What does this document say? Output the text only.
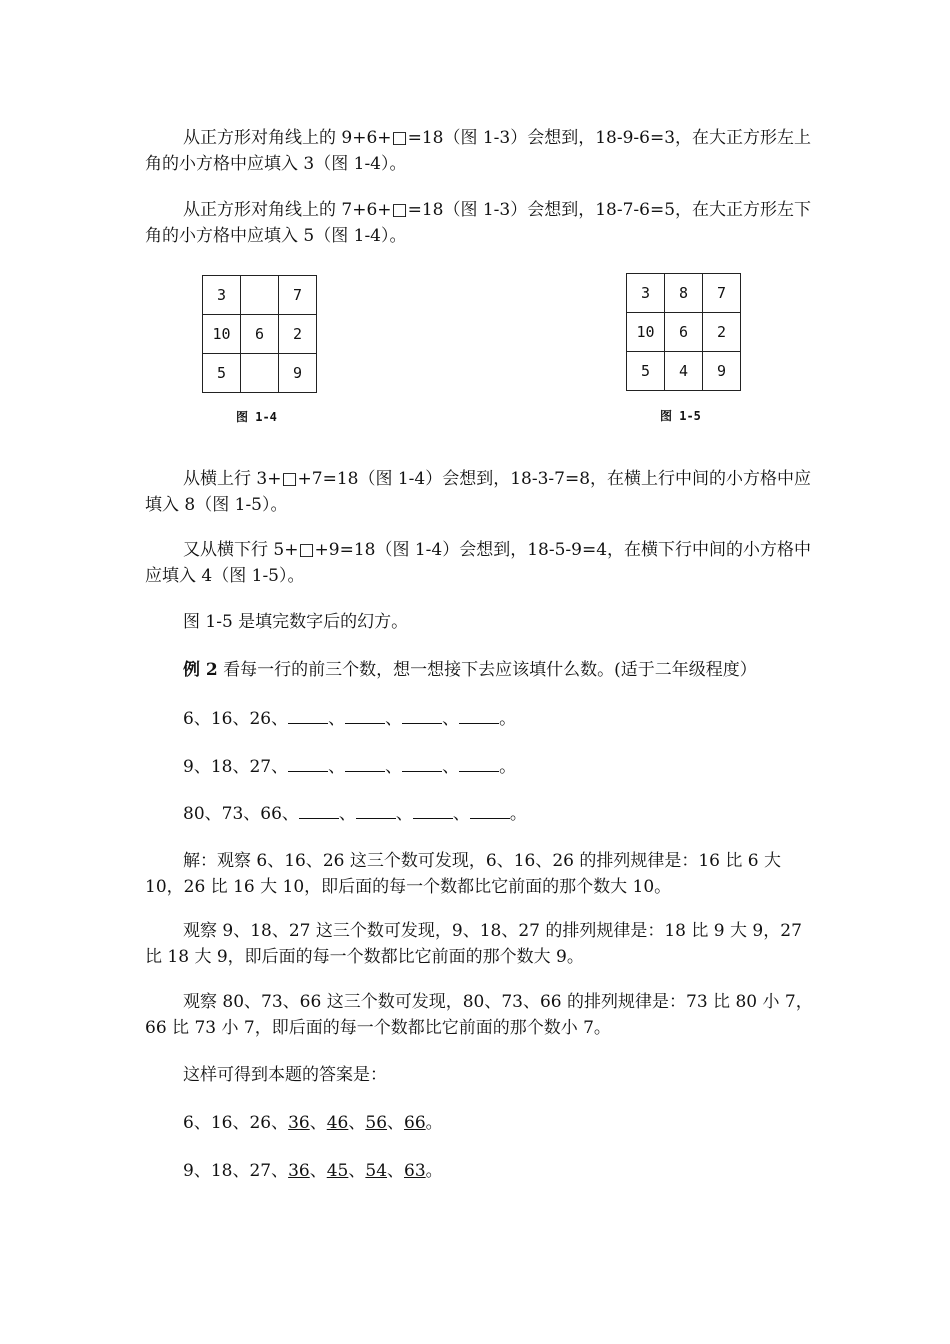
从正方形对角线上的 9+6+□=18（图 1-3）会想到，18-9-6=3，在大正方形左上角的小方格中应填入 3（图 1-4）。

从正方形对角线上的 7+6+□=18（图 1-3）会想到，18-7-6=5，在大正方形左下角的小方格中应填入 5（图 1-4）。

3		7
10	6	2
5		9
图 1-4
3	8	7
10	6	2
5	4	9
图 1-5

从横上行 3+□+7=18（图 1-4）会想到，18-3-7=8，在横上行中间的小方格中应填入 8（图 1-5）。

又从横下行 5+□+9=18（图 1-4）会想到，18-5-9=4，在横下行中间的小方格中应填入 4（图 1-5）。

图 1-5 是填完数字后的幻方。
例 2 看每一行的前三个数，想一想接下去应该填什么数。(适于二年级程度）
6、16、26、 、 、 、 。
9、18、27、 、 、 、 。
80、73、66、 、 、 、 。

解：观察 6、16、26 这三个数可发现，6、16、26 的排列规律是：16 比 6 大 10，26 比 16 大 10，即后面的每一个数都比它前面的那个数大 10。

观察 9、18、27 这三个数可发现，9、18、27 的排列规律是：18 比 9 大 9，27 比 18 大 9，即后面的每一个数都比它前面的那个数大 9。

观察 80、73、66 这三个数可发现，80、73、66 的排列规律是：73 比 80 小 7，66 比 73 小 7，即后面的每一个数都比它前面的那个数小 7。

这样可得到本题的答案是：
6、16、26、36、46、56、66。
9、18、27、36、45、54、63。
